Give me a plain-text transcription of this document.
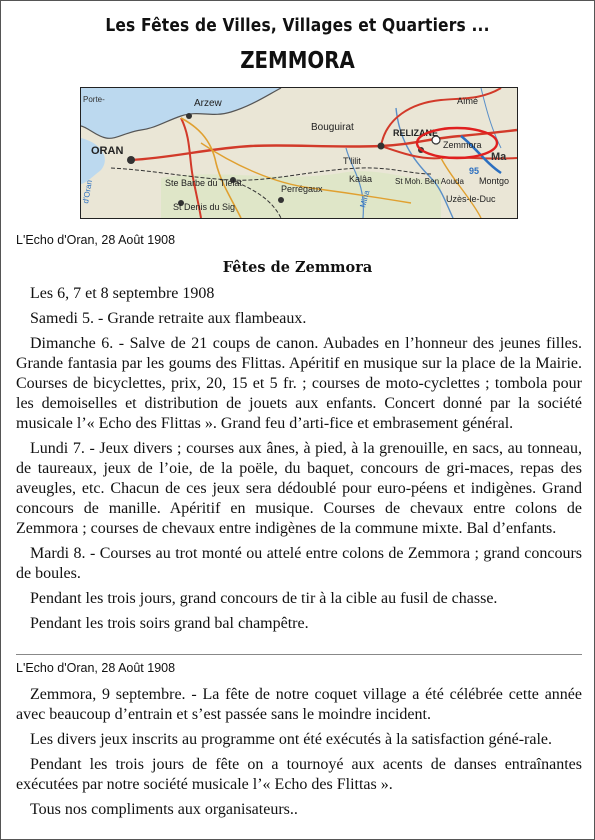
Les Fêtes de Villes, Villages et Quartiers ...
ZEMMORA
Arzew
ORAN
Porte-
Bouguirat	RELIZANE
Aïmé
Zemmora
Ma
Montgo
Ste Barbe du Tlélat
Perrégaux
St Denis du Sig
T'lilit
Kalâa	St Moh. Ben Aouda
Uzès-le-Duc
d'Oran
95
Mina
L'Echo d'Oran, 28 Août 1908
Fêtes de Zemmora

Les 6, 7 et 8 septembre 1908

Samedi 5. - Grande retraite aux flambeaux.

Dimanche 6. - Salve de 21 coups de canon. Aubades en l’honneur des jeunes filles. Grande fantasia par les goums des Flittas. Apéritif en musique sur la place de la Mairie. Courses de bicyclettes, prix, 20, 15 et 5 fr. ; courses de moto-cyclettes ; tombola pour les demoiselles et distribution de jouets aux enfants. Concert donné par la société musicale l’« Echo des Flittas ». Grand feu d’arti-fice et embrasement général.

Lundi 7. - Jeux divers ; courses aux ânes, à pied, à la grenouille, en sacs, au tonneau, de taureaux, jeux de l’oie, de la poële, du baquet, concours de gri-maces, repas des aveugles, etc. Chacun de ces jeux sera dédoublé pour euro-péens et indigènes. Grand concours de manille. Apéritif en musique. Courses de chevaux entre colons de Zemmora ; courses de chevaux entre indigènes de la commune mixte. Bal d’enfants.

Mardi 8. - Courses au trot monté ou attelé entre colons de Zemmora ; grand concours de boules.

Pendant les trois jours, grand concours de tir à la cible au fusil de chasse.

Pendant les trois soirs grand bal champêtre.

L'Echo d'Oran, 28 Août 1908

Zemmora, 9 septembre. - La fête de notre coquet village a été célébrée cette année avec beaucoup d’entrain et s’est passée sans le moindre incident.

Les divers jeux inscrits au programme ont été exécutés à la satisfaction géné-rale.

Pendant les trois jours de fête on a tournoyé aux acents de danses entraînantes exécutées par notre société musicale l’« Echo des Flittas ».

Tous nos compliments aux organisateurs..
